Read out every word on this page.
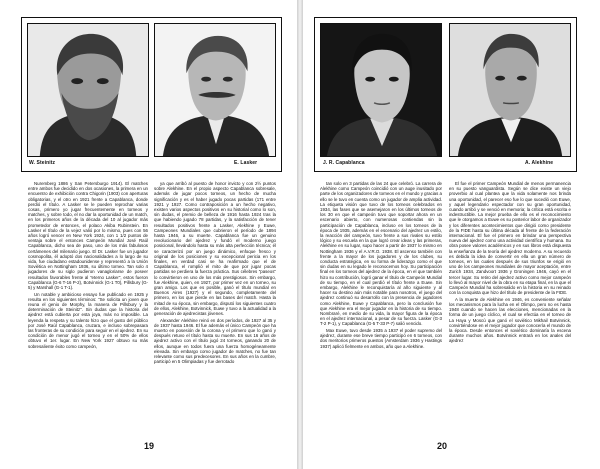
W. Steinitz	E. Lasker

Nuremberg 1886 y San Petersburgo 1914). El matches entre ambos fue decidido en dos ocasiones, la primera en un encuentro de exhibición contra Chigorin (1903) con aperturas obligatorias, y el otro en 1921 frente a Capablanca, donde perdió el título. A Lasker se le pueden reprochar varias cosas, primero yo jugar frecuentemente en torneos y matches, y sobre todo, el no dar la oportunidad de un match, en los primeros años de la década del 10 al jugador más prometedor de entonces, el polaco Akiba Rubinstein. En Lasker el título de la vejez valió por lo mismo, pues con 56 años logró vencer en New York 1924, con 1 1/2 puntos de ventaja sobre el entonces Campeón Mundial José Raúl Capablanca, dicho sea de paso, uno de los más fabulosos certámenes del milenario juego. El Dr. Lasker fue un jugador cosmopolita, él adoptó dos nacionalidades a lo largo de su vida, fue ciudadano estadounidense y representó a la Unión Soviética en Nottingham 1936, su último torneo. Tan solo 4 jugadores de su siglo pudieron vanagloriarse de poseer resultados favorables frente al "eterno Lasker", estos fueron Capablanca (G-6 T-16 P-2), Botvinnick (G-1 T0), Pillsbury (G-5) y Marshall (G-1 T-1).

Un notable y ambicioso ensayo fue publicado en 1925 y resulta en los siguientes términos: "Se solicita un joven que reuna el genio de Morphy, la manera de Pillsbury y la determinación de Steinitz". Sin dudas que la historia del ajedrez está cubierta por esta joya, más no imposible. La leyenda la respeta y su talento hizo que el gusto del público por José Raúl Capablanca, cruzara, e incluso sobrepasara las fronteras de su condición para seguir en el ajedrez. En su condición de menor jugó el torneo y en el 50% de ellos obtuvo el 1er. lugar. En New York 1927 obtuvo su más sobresaliente éxito como campeón,

ya que arribó al puesto de honor invicto y con 2½ puntos sobre Alekhine. En el propio aspecto Capablanca sobresale, además de jugar pocos torneos, un hecho de mucha significación y es el haber jugado pocas partidas (171 entre 1921 y 1927. Como contraposición a un hecho negativo, existen varios aspectos positivos en su historial como lo son, sin dudas, el premio de belleza de 1916 hasta 1924 tras la que habiendo jugado 78 partidas, y la satisfacción de tener resultados positivos frente a Lasker, Alekhine y Euwe, Campeones Mundiales que cubrieron el período de 1894 hasta 1946, a su muerte. Capablanca fue un genuino revolucionario del ajedrez y fundó el moderno juego posicional, llevándolo hasta su más alta perfección técnica; él se caracterizó por un juego dinámico, enfoque fresco y original de los posiciones y su excepcional pericia en los finales, en verdad casi se ha reafirmado que el de Capablanca, el romplió el mito de que por jugar pocas partidas se perdiera la fuerza práctica. Sus célebres "paseos" lo convirtieron en uno de los más prestigiosos. Sin embargo, fue Alekhine, quien, en 1927, por primer vez en un torneo, su gran amigo. Los que es posible, ganó el título mundial en Buenos Aires (1927) y el segundo, completamente del primero, en los que pierde en las bases del match. Hasta la mitad de su época, sin embargo, disputó los siguientes cuatro de ellos, Alekhine, Botvinnick, Euwe y tuvo a la actualidad a la generación de ajedrecistas jóvenes.

Alexander Alekhine reinó en dos períodos, de 1927 al 35 y de 1937 hasta 1946. El fue además el único Campeón que ha muerto en posesión de la corona y el primero que lo ganó y después retuvo el título hasta su muerte. En sus 16 años de ajedrez activo con el título jugó 24 torneos, ganando 20 de ellos, aunque en todos fuera una fuerza homogéneamente elevada. Sin embargo como jugador de matches, no fue tan relevante como sus predecesores. En sus años en la cumbre, participó en 5 Olimpiadas y fue derrotado

19
J. R. Capablanca	A. Alekhine

tan solo en 3 partidas de las 24 que celebró. La carrera de Alekhine como Campeón coincidió con un auge inusitado por parte de los organizadores de torneos en el mundo y gracias a ello se le tuvo en cuenta como un jugador de amplia actividad. La etiqueta visión que tuvo de los torneos celebrados en 1934, las fases que se asemejaron en los últimos torneos de los 30 en que el campeón tuvo que soportar ahora en un escenario abierto, con numerosas contiendas sin la participación de Capablanca, incluso en los torneos de la época de 1935, además en el escenario del ajedrez un estilo, la reacción del campeón, tuvo frente a sus rivales su estilo lógico y su escuela en la que logró crear ideas y las primeras, Alekhine en su lugar, supo hacer a partir de 1937 lo mismo en Nottingham 1936 y el A.V.R.O. 1938. El ascenso también con frente a la mayor de los jugadores y de los clubes, su conducta estratégica, en su forma de liderazgo como el que sin dudas en su legado le reconocemos hoy. Su participación final en los torneos del ajedrez de la época, en el que también hizo su contribución, logró ganar el título de Campeón Mundial de su tiempo, en el cual perdió el título frente a Euwe. Sin embargo, Alekhine le reconquistaría al año siguiente y al hacer su destino aún más notable para nosotros, el juego del ajedrez continuó su desarrollo con la presencia de jugadores como Alekhine, Euwe y Capablanca, pero la conclusión fue que Alekhine era el mejor jugador en la historia de su tiempo. Nombraré, en medio de su vida, la mayor figura de la época en el ajedrez internacional, a pesar de su fuerza. Lasker (G-3 T-2 P-1), y Capablanca (G-5 T-33 P-7) salió vencido.

Max Euwe, tuvo desde 1935 a 1937 el poder supremo del ajedrez, durante ese breve tiempo participó en 6 torneos, con dos meritorios primeros puestos (Amsterdam 1936 y Hastings 1937) aplicó fielmente en ambos, año que a Alekhine.

El fue el primer Campeón Mundial de menos permanencia en su puesto vanguardista. Según se dice existe un viejo proverbio al cual plantea que la vida solamente nos brinda una oportunidad, el parecer eso fue lo que sucedió con Euwe, y aquel legendario espectador con su gran oportunidad, cuando arribó y se venció en memoria; la crítica está escrita e indestructible. La mejor prueba de ello es el reconocimiento que le otorgamos a Euwe es su posterior labor de organizador y los diferentes acontecimientos que dirigió como presidente de la FIDE hasta su última década al frente de la federación internacional. El fue el primero en brindar una perspectiva nueva del ajedrez como una actividad científica y humana. Su obra posee valores académicos y en sus libros está dispuesta la enseñanza de la teoría del ajedrez moderno. A su recuerdo es debida la idea de convertir en ella un gran número de torneos, en los cuales después de sus triunfos se erigió en uno de los campeones mundiales de mayor aceptación, entre Zurich 1934, Zandvoort 1936 y Groningen 1946, cayó en el tercer lugar. Su retiro del ajedrez activo como mejor campeón lo llevó al mayor nivel de la obra en su etapa final, en la que el Campeón Mundial ha sobresalido en la historia en su reinado con la conquista que hizo del título de presidente de la FIDE.

A la muerte de Alekhine en 1946, es conveniente señalar los mecanismos para la lucha en el Olimpo, pero no es hasta 1948 cuando se hacen las elecciones, mencionadas en la forma de un juego cíclico, el cual se efectúa en el torneo de La Haya y Moscú que ganó el soviético Mikhail Botvinnick, convirtiéndose en el mejor jugador que conocería el mundo de la época. Desde entonces el soviético dominaría la escena durante muchos años. Botvinnick entrará en los anales del ajedrez

20
